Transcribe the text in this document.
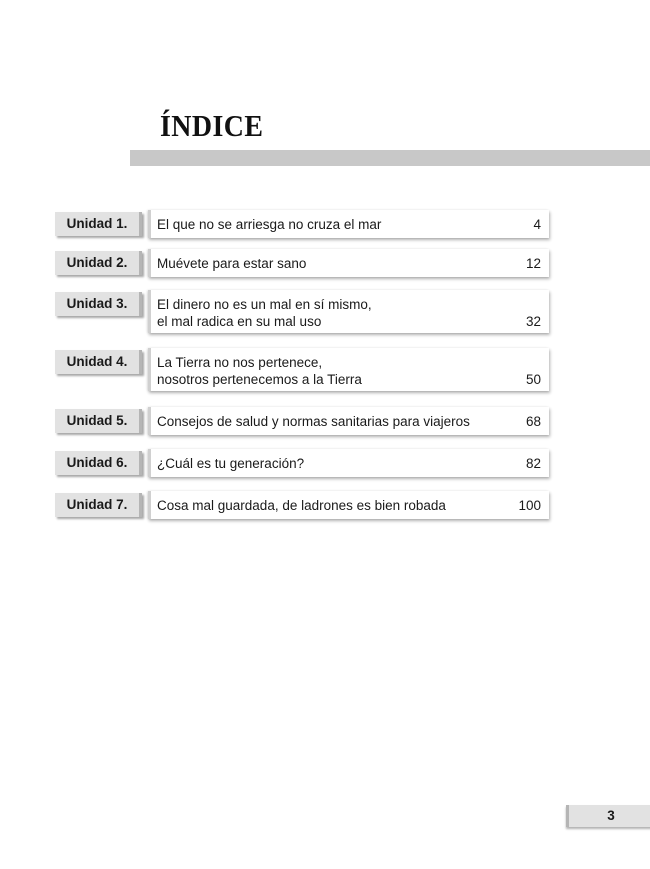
ÍNDICE
Unidad 1.	El que no se arriesga no cruza el mar	4
Unidad 2.	Muévete para estar sano	12
Unidad 3.	El dinero no es un mal en sí mismo,
el mal radica en su mal uso	32
Unidad 4.	La Tierra no nos pertenece,
nosotros pertenecemos a la Tierra	50
Unidad 5.	Consejos de salud y normas sanitarias para viajeros	68
Unidad 6.	¿Cuál es tu generación?	82
Unidad 7.	Cosa mal guardada, de ladrones es bien robada	100
3
